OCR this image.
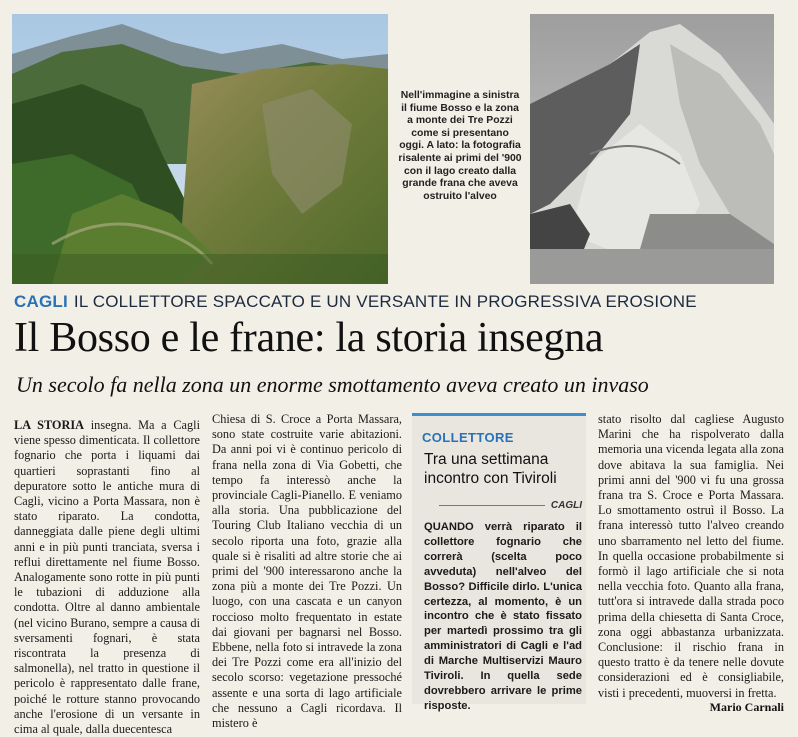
Nell'immagine a sinistra il fiume Bosso e la zona a monte dei Tre Pozzi come si presentano oggi. A lato: la fotografia risalente ai primi del '900 con il lago creato dalla grande frana che aveva ostruito l'alveo
CAGLI IL COLLETTORE SPACCATO E UN VERSANTE IN PROGRESSIVA EROSIONE
Il Bosso e le frane: la storia insegna
Un secolo fa nella zona un enorme smottamento aveva creato un invaso
LA STORIA insegna. Ma a Cagli viene spesso dimenticata. Il collettore fognario che porta i liquami dai quartieri soprastanti fino al depuratore sotto le antiche mura di Cagli, vicino a Porta Massara, non è stato riparato. La condotta, danneggiata dalle piene degli ultimi anni e in più punti tranciata, sversa i reflui direttamente nel fiume Bosso. Analogamente sono rotte in più punti le tubazioni di adduzione alla condotta. Oltre al danno ambientale (nel vicino Burano, sempre a causa di sversamenti fognari, è stata riscontrata la presenza di salmonella), nel tratto in questione il pericolo è rappresentato dalle frane, poiché le rotture stanno provocando anche l'erosione di un versante in cima al quale, dalla duecentesca
Chiesa di S. Croce a Porta Massara, sono state costruite varie abitazioni. Da anni poi vi è continuo pericolo di frana nella zona di Via Gobetti, che tempo fa interessò anche la provinciale Cagli-Pianello. E veniamo alla storia. Una pubblicazione del Touring Club Italiano vecchia di un secolo riporta una foto, grazie alla quale si è risaliti ad altre storie che ai primi del '900 interessarono anche la zona più a monte dei Tre Pozzi. Un luogo, con una cascata e un canyon roccioso molto frequentato in estate dai giovani per bagnarsi nel Bosso. Ebbene, nella foto si intravede la zona dei Tre Pozzi come era all'inizio del secolo scorso: vegetazione pressoché assente e una sorta di lago artificiale che nessuno a Cagli ricordava. Il mistero è
COLLETTORE
Tra una settimana incontro con Tiviroli
CAGLI
QUANDO verrà riparato il collettore fognario che correrà (scelta poco avveduta) nell'alveo del Bosso? Difficile dirlo. L'unica certezza, al momento, è un incontro che è stato fissato per martedì prossimo tra gli amministratori di Cagli e l'ad di Marche Multiservizi Mauro Tiviroli. In quella sede dovrebbero arrivare le prime risposte.
stato risolto dal cagliese Augusto Marini che ha rispolverato dalla memoria una vicenda legata alla zona dove abitava la sua famiglia. Nei primi anni del '900 vi fu una grossa frana tra S. Croce e Porta Massara. Lo smottamento ostruì il Bosso. La frana interessò tutto l'alveo creando uno sbarramento nel letto del fiume. In quella occasione probabilmente si formò il lago artificiale che si nota nella vecchia foto. Quanto alla frana, tutt'ora si intravede dalla strada poco prima della chiesetta di Santa Croce, zona oggi abbastanza urbanizzata. Conclusione: il rischio frana in questo tratto è da tenere nelle dovute considerazioni ed è consigliabile, visti i precedenti, muoversi in fretta.
Mario Carnali
